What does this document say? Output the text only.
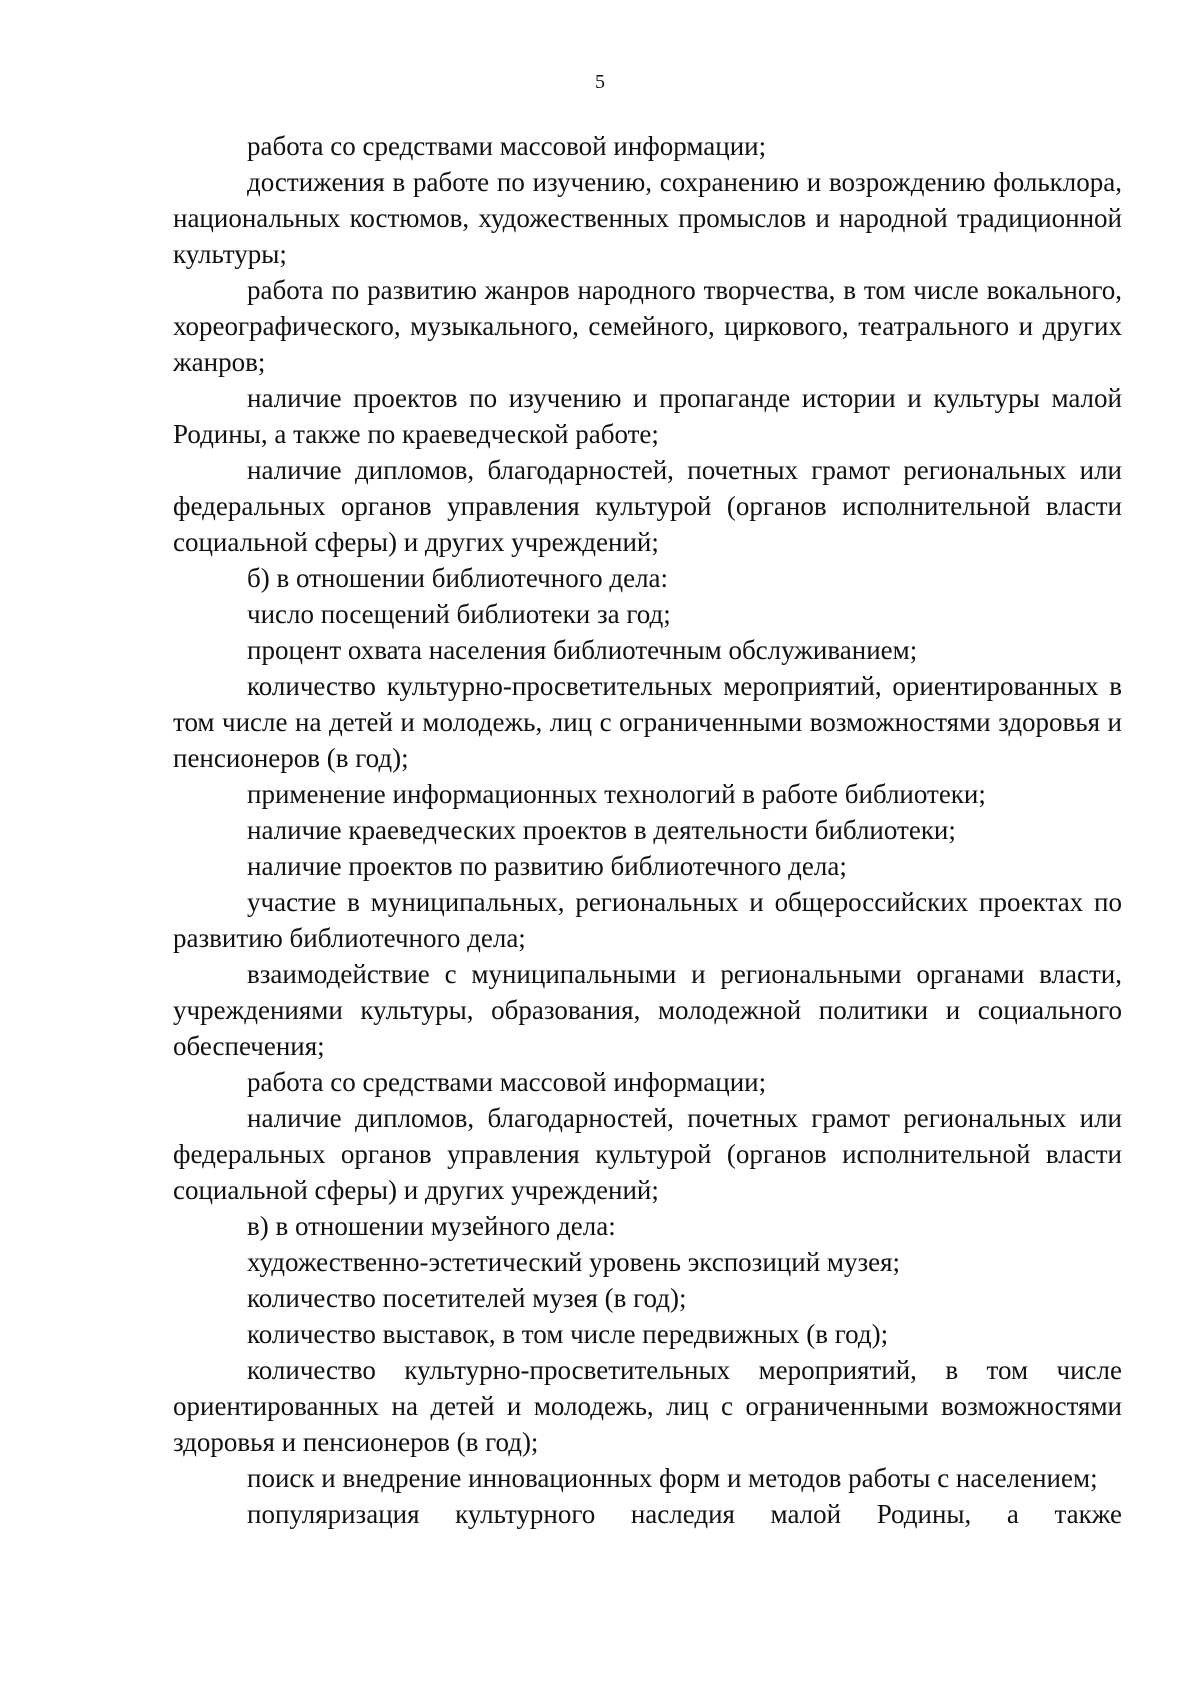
5

работа со средствами массовой информации;

достижения в работе по изучению, сохранению и возрождению фольклора, национальных костюмов, художественных промыслов и народной традиционной культуры;

работа по развитию жанров народного творчества, в том числе вокального, хореографического, музыкального, семейного, циркового, театрального и других жанров;

наличие проектов по изучению и пропаганде истории и культуры малой Родины, а также по краеведческой работе;

наличие дипломов, благодарностей, почетных грамот региональных или федеральных органов управления культурой (органов исполнительной власти социальной сферы) и других учреждений;

б) в отношении библиотечного дела:

число посещений библиотеки за год;

процент охвата населения библиотечным обслуживанием;

количество культурно-просветительных мероприятий, ориентированных в том числе на детей и молодежь, лиц с ограниченными возможностями здоровья и пенсионеров (в год);

применение информационных технологий в работе библиотеки;

наличие краеведческих проектов в деятельности библиотеки;

наличие проектов по развитию библиотечного дела;

участие в муниципальных, региональных и общероссийских проектах по развитию библиотечного дела;

взаимодействие с муниципальными и региональными органами власти, учреждениями культуры, образования, молодежной политики и социального обеспечения;

работа со средствами массовой информации;

наличие дипломов, благодарностей, почетных грамот региональных или федеральных органов управления культурой (органов исполнительной власти социальной сферы) и других учреждений;

в) в отношении музейного дела:

художественно-эстетический уровень экспозиций музея;

количество посетителей музея (в год);

количество выставок, в том числе передвижных (в год);

количество культурно-просветительных мероприятий, в том числе ориентированных на детей и молодежь, лиц с ограниченными возможностями здоровья и пенсионеров (в год);

поиск и внедрение инновационных форм и методов работы с населением;

популяризация культурного наследия малой Родины, а также
